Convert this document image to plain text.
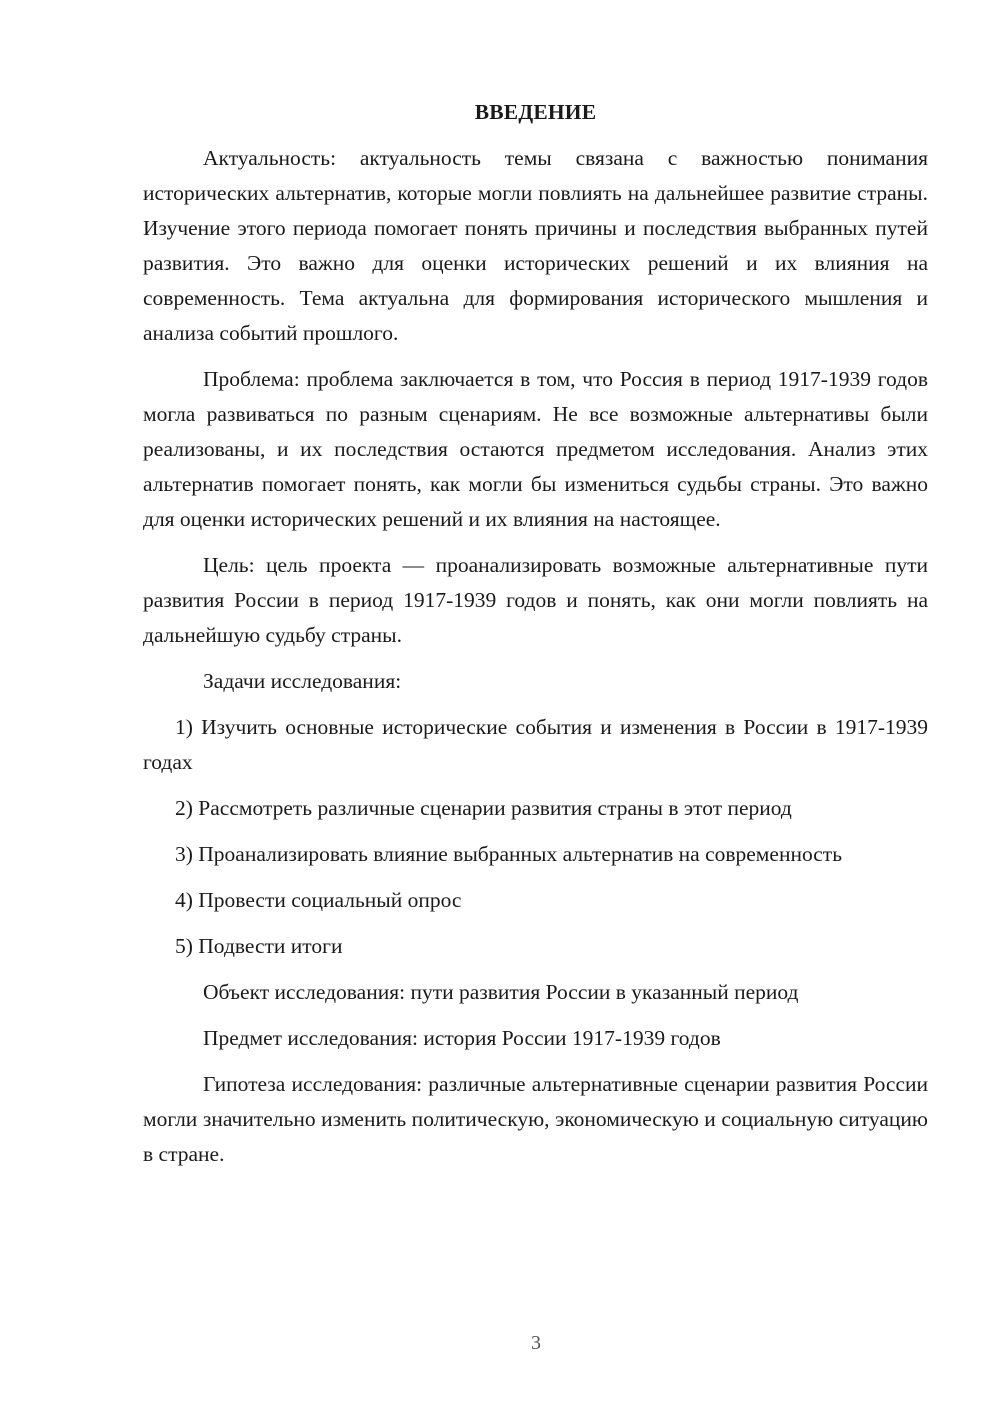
ВВЕДЕНИЕ

Актуальность: актуальность темы связана с важностью понимания исторических альтернатив, которые могли повлиять на дальнейшее развитие страны. Изучение этого периода помогает понять причины и последствия выбранных путей развития. Это важно для оценки исторических решений и их влияния на современность. Тема актуальна для формирования исторического мышления и анализа событий прошлого.

Проблема: проблема заключается в том, что Россия в период 1917-1939 годов могла развиваться по разным сценариям. Не все возможные альтернативы были реализованы, и их последствия остаются предметом исследования. Анализ этих альтернатив помогает понять, как могли бы измениться судьбы страны. Это важно для оценки исторических решений и их влияния на настоящее.

Цель: цель проекта — проанализировать возможные альтернативные пути развития России в период 1917-1939 годов и понять, как они могли повлиять на дальнейшую судьбу страны.

Задачи исследования:

1) Изучить основные исторические события и изменения в России в 1917-1939 годах

2) Рассмотреть различные сценарии развития страны в этот период

3) Проанализировать влияние выбранных альтернатив на современность

4) Провести социальный опрос

5) Подвести итоги

Объект исследования: пути развития России в указанный период

Предмет исследования: история России 1917-1939 годов

Гипотеза исследования: различные альтернативные сценарии развития России могли значительно изменить политическую, экономическую и социальную ситуацию в стране.

3
